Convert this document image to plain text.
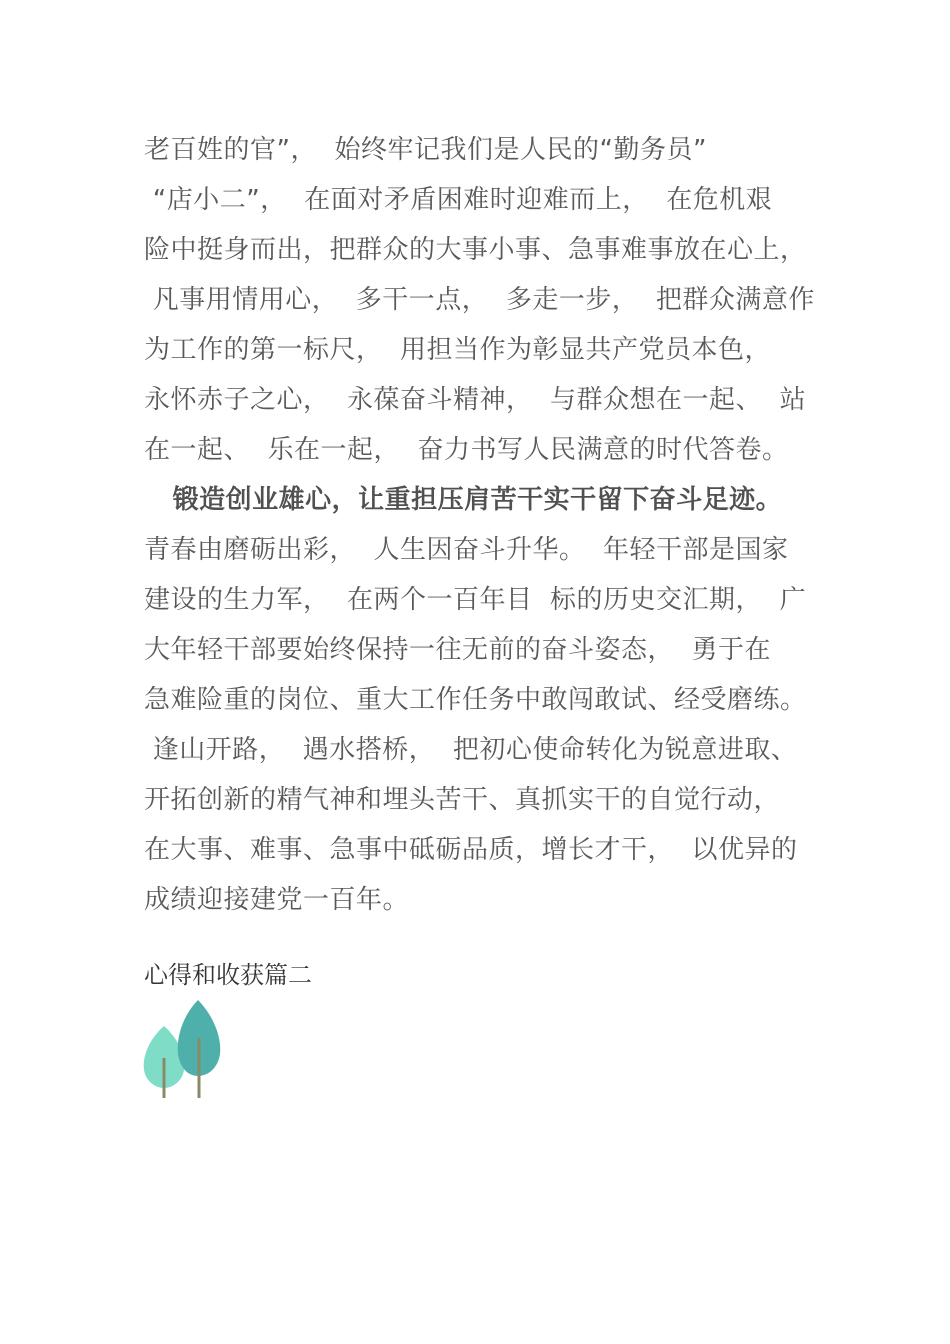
老百姓的官”，  始终牢记我们是人民的“勤务员”
“店小二”，  在面对矛盾困难时迎难而上，  在危机艰
险中挺身而出，把群众的大事小事、急事难事放在心上，
凡事用情用心，  多干一点，  多走一步，  把群众满意作
为工作的第一标尺，  用担当作为彰显共产党员本色，
永怀赤子之心，  永葆奋斗精神，  与群众想在一起、  站
在一起、  乐在一起，  奋力书写人民满意的时代答卷。
锻造创业雄心，让重担压肩苦干实干留下奋斗足迹。
青春由磨砺出彩，  人生因奋斗升华。  年轻干部是国家
建设的生力军，  在两个一百年目  标的历史交汇期，  广
大年轻干部要始终保持一往无前的奋斗姿态，  勇于在
急难险重的岗位、重大工作任务中敢闯敢试、经受磨练。
逢山开路，  遇水搭桥，  把初心使命转化为锐意进取、
开拓创新的精气神和埋头苦干、真抓实干的自觉行动，
在大事、难事、急事中砥砺品质，增长才干，  以优异的
成绩迎接建党一百年。
心得和收获篇二
